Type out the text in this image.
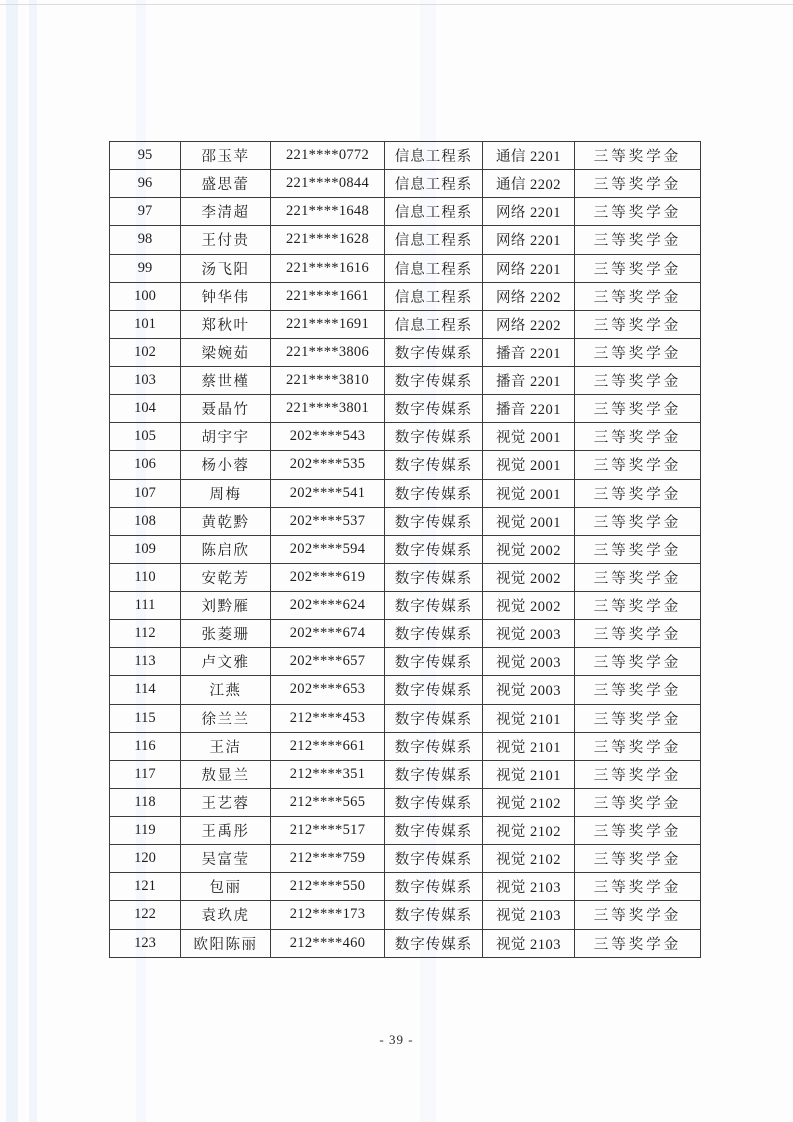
95	邵玉苹	221****0772	信息工程系	通信 2201	三等奖学金
96	盛思蕾	221****0844	信息工程系	通信 2202	三等奖学金
97	李清超	221****1648	信息工程系	网络 2201	三等奖学金
98	王付贵	221****1628	信息工程系	网络 2201	三等奖学金
99	汤飞阳	221****1616	信息工程系	网络 2201	三等奖学金
100	钟华伟	221****1661	信息工程系	网络 2202	三等奖学金
101	郑秋叶	221****1691	信息工程系	网络 2202	三等奖学金
102	梁婉茹	221****3806	数字传媒系	播音 2201	三等奖学金
103	蔡世槿	221****3810	数字传媒系	播音 2201	三等奖学金
104	聂晶竹	221****3801	数字传媒系	播音 2201	三等奖学金
105	胡宇宇	202****543	数字传媒系	视觉 2001	三等奖学金
106	杨小蓉	202****535	数字传媒系	视觉 2001	三等奖学金
107	周梅	202****541	数字传媒系	视觉 2001	三等奖学金
108	黄乾黔	202****537	数字传媒系	视觉 2001	三等奖学金
109	陈启欣	202****594	数字传媒系	视觉 2002	三等奖学金
110	安乾芳	202****619	数字传媒系	视觉 2002	三等奖学金
111	刘黔雁	202****624	数字传媒系	视觉 2002	三等奖学金
112	张菱珊	202****674	数字传媒系	视觉 2003	三等奖学金
113	卢文雅	202****657	数字传媒系	视觉 2003	三等奖学金
114	江燕	202****653	数字传媒系	视觉 2003	三等奖学金
115	徐兰兰	212****453	数字传媒系	视觉 2101	三等奖学金
116	王洁	212****661	数字传媒系	视觉 2101	三等奖学金
117	敖显兰	212****351	数字传媒系	视觉 2101	三等奖学金
118	王艺蓉	212****565	数字传媒系	视觉 2102	三等奖学金
119	王禹彤	212****517	数字传媒系	视觉 2102	三等奖学金
120	吴富莹	212****759	数字传媒系	视觉 2102	三等奖学金
121	包丽	212****550	数字传媒系	视觉 2103	三等奖学金
122	袁玖虎	212****173	数字传媒系	视觉 2103	三等奖学金
123	欧阳陈丽	212****460	数字传媒系	视觉 2103	三等奖学金
- 39 -
